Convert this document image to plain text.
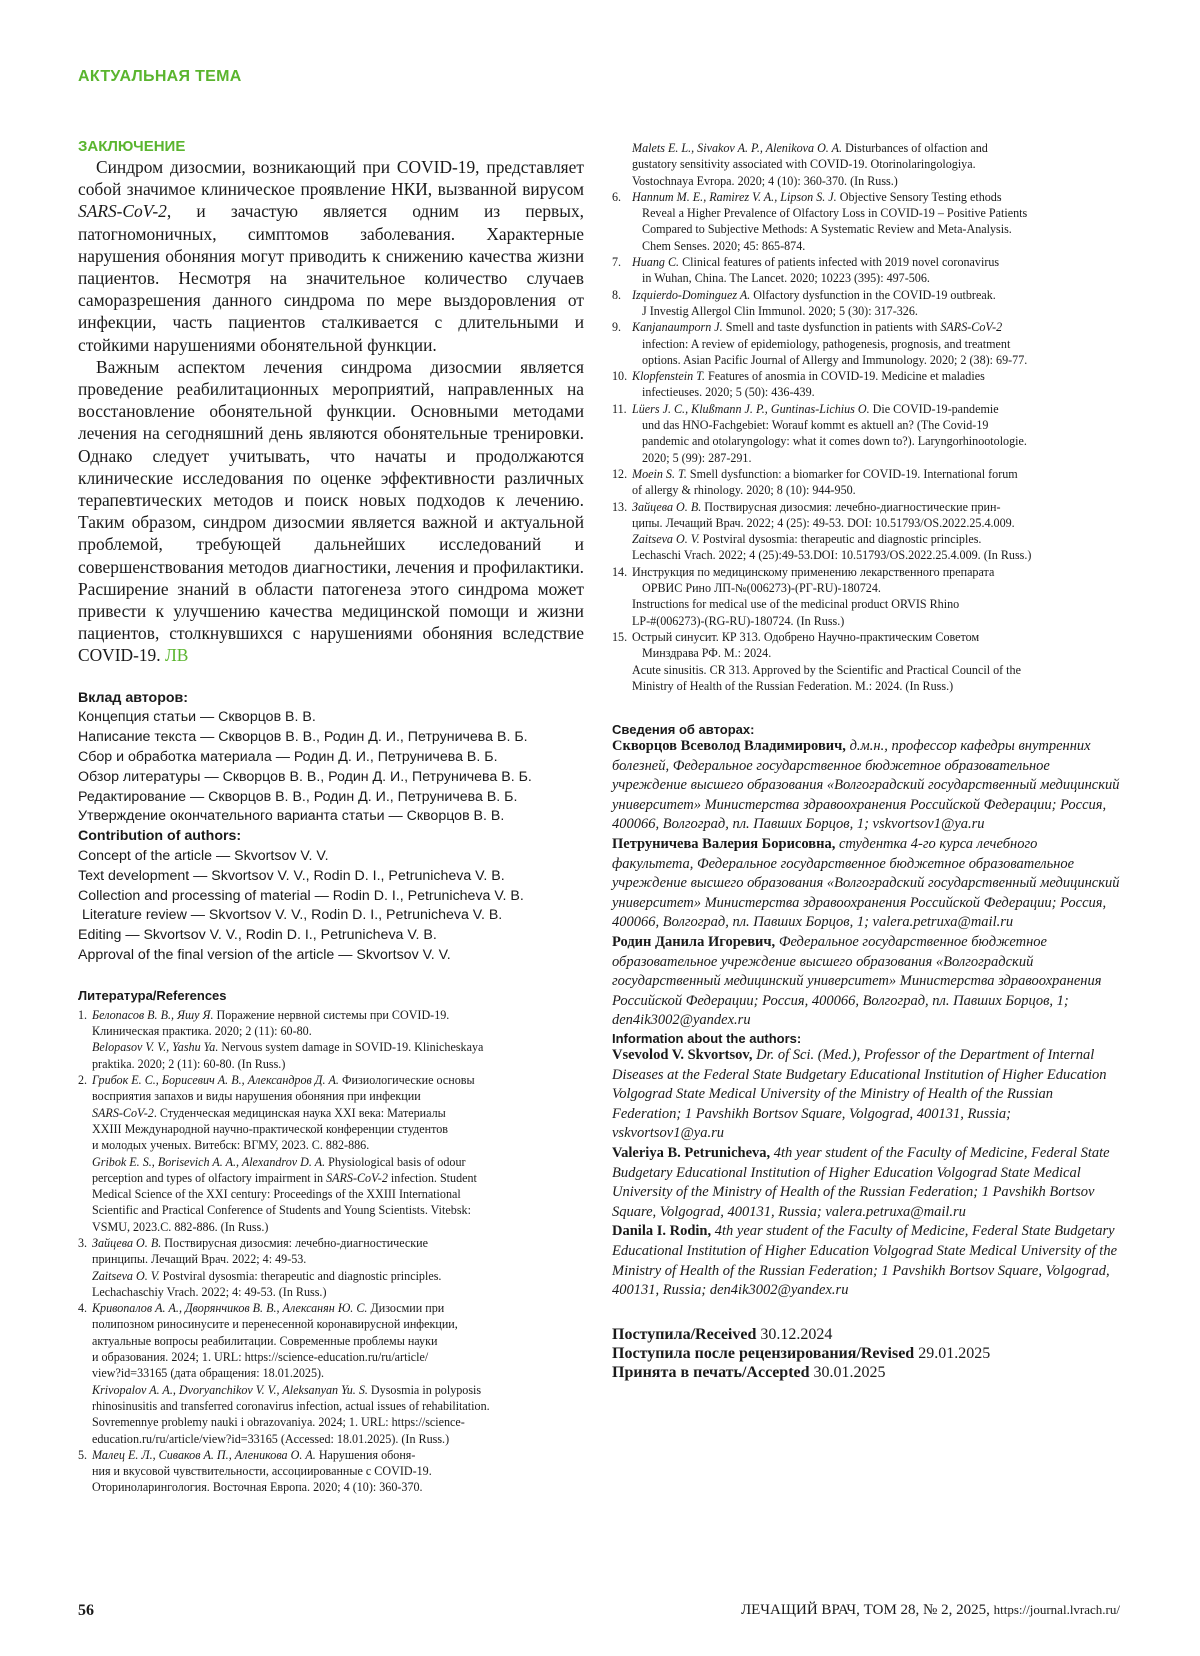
АКТУАЛЬНАЯ ТЕМА
ЗАКЛЮЧЕНИЕ

Синдром дизосмии, возникающий при COVID-19, представляет собой значимое клиническое проявление НКИ, вызванной вирусом SARS-CoV-2, и зачастую является одним из первых, патогномоничных, симптомов заболевания. Характерные нарушения обоняния могут приводить к снижению качества жизни пациентов. Несмотря на значительное количество случаев саморазрешения данного синдрома по мере выздоровления от инфекции, часть пациентов сталкивается с длительными и стойкими нарушениями обонятельной функции.

Важным аспектом лечения синдрома дизосмии является проведение реабилитационных мероприятий, направленных на восстановление обонятельной функции. Основными методами лечения на сегодняшний день являются обонятельные тренировки. Однако следует учитывать, что начаты и продолжаются клинические исследования по оценке эффективности различных терапевтических методов и поиск новых подходов к лечению. Таким образом, синдром дизосмии является важной и актуальной проблемой, требующей дальнейших исследований и совершенствования методов диагностики, лечения и профилактики. Расширение знаний в области патогенеза этого синдрома может привести к улучшению качества медицинской помощи и жизни пациентов, столкнувшихся с нарушениями обоняния вследствие COVID-19. ЛВ

Вклад авторов:
Концепция статьи — Скворцов В. В.
Написание текста — Скворцов В. В., Родин Д. И., Петруничева В. Б.
Сбор и обработка материала — Родин Д. И., Петруничева В. Б.
Обзор литературы — Скворцов В. В., Родин Д. И., Петруничева В. Б.
Редактирование — Скворцов В. В., Родин Д. И., Петруничева В. Б.
Утверждение окончательного варианта статьи — Скворцов В. В.
Contribution of authors:
Concept of the article — Skvortsov V. V.
Text development — Skvortsov V. V., Rodin D. I., Petrunicheva V. B.
Collection and processing of material — Rodin D. I., Petrunicheva V. B.
Literature review — Skvortsov V. V., Rodin D. I., Petrunicheva V. B.
Editing — Skvortsov V. V., Rodin D. I., Petrunicheva V. B.
Approval of the final version of the article — Skvortsov V. V.
Литература/References
1. Белопасов В. В., Яшу Я. Поражение нервной системы при COVID-19.
Клиническая практика. 2020; 2 (11): 60-80.
Belopasov V. V., Yashu Ya. Nervous system damage in SOVID-19. Klinicheskaya
praktika. 2020; 2 (11): 60-80. (In Russ.)
2. Грибок Е. С., Борисевич А. В., Александров Д. А. Физиологические основы
восприятия запахов и виды нарушения обоняния при инфекции
SARS-CoV-2. Студенческая медицинская наука XXI века: Материалы
XXIII Международной научно-практической конференции студентов
и молодых ученых. Витебск: ВГМУ, 2023. С. 882-886.
Gribok E. S., Borisevich A. A., Alexandrov D. A. Physiological basis of odour
perception and types of olfactory impairment in SARS-CoV-2 infection. Student
Medical Science of the XXI century: Proceedings of the XXIII International
Scientific and Practical Conference of Students and Young Scientists. Vitebsk:
VSMU, 2023.С. 882-886. (In Russ.)
3. Зайцева О. В. Поствирусная дизосмия: лечебно-диагностические
принципы. Лечащий Врач. 2022; 4: 49-53.
Zaitseva O. V. Postviral dysosmia: therapeutic and diagnostic principles.
Lechachaschiy Vrach. 2022; 4: 49-53. (In Russ.)
4. Кривопалов А. А., Дворянчиков В. В., Алексанян Ю. С. Дизосмии при
полипозном риносинусите и перенесенной коронавирусной инфекции,
актуальные вопросы реабилитации. Современные проблемы науки
и образования. 2024; 1. URL: https://science-education.ru/ru/article/
view?id=33165 (дата обращения: 18.01.2025).
Krivopalov A. A., Dvoryanchikov V. V., Aleksanyan Yu. S. Dysosmia in polyposis
rhinosinusitis and transferred coronavirus infection, actual issues of rehabilitation.
Sovremennye problemy nauki i obrazovaniya. 2024; 1. URL: https://science-
education.ru/ru/article/view?id=33165 (Accessed: 18.01.2025). (In Russ.)
5. Малец Е. Л., Сиваков А. П., Аленикова О. А. Нарушения обоня-
ния и вкусовой чувствительности, ассоциированные с COVID-19.
Оториноларингология. Восточная Европа. 2020; 4 (10): 360-370.
Malets E. L., Sivakov A. P., Alenikova O. A. Disturbances of olfaction and
gustatory sensitivity associated with COVID-19. Otorinolaringologiya.
Vostochnaya Evropa. 2020; 4 (10): 360-370. (In Russ.)
6. Hannum M. E., Ramirez V. A., Lipson S. J. Objective Sensory Testing ethods
Reveal a Higher Prevalence of Olfactory Loss in COVID-19 – Positive Patients
Compared to Subjective Methods: A Systematic Review and Meta-Analysis.
Chem Senses. 2020; 45: 865-874.
7. Huang C. Clinical features of patients infected with 2019 novel coronavirus
in Wuhan, China. The Lancet. 2020; 10223 (395): 497-506.
8. Izquierdo-Dominguez A. Olfactory dysfunction in the COVID-19 outbreak.
J Investig Allergol Clin Immunol. 2020; 5 (30): 317-326.
9. Kanjanaumporn J. Smell and taste dysfunction in patients with SARS-CoV-2
infection: A review of epidemiology, pathogenesis, prognosis, and treatment
options. Asian Pacific Journal of Allergy and Immunology. 2020; 2 (38): 69-77.
10. Klopfenstein T. Features of anosmia in COVID-19. Medicine et maladies
infectieuses. 2020; 5 (50): 436-439.
11. Lüers J. C., Klußmann J. P., Guntinas-Lichius O. Die COVID-19-pandemie
und das HNO-Fachgebiet: Worauf kommt es aktuell an? (The Covid-19
pandemic and otolaryngology: what it comes down to?). Laryngorhinootologie.
2020; 5 (99): 287-291.
12. Moein S. T. Smell dysfunction: a biomarker for COVID-19. International forum
of allergy & rhinology. 2020; 8 (10): 944-950.
13. Зайцева О. В. Поствирусная дизосмия: лечебно-диагностические прин-
ципы. Лечащий Врач. 2022; 4 (25): 49-53. DOI: 10.51793/OS.2022.25.4.009.
Zaitseva O. V. Postviral dysosmia: therapeutic and diagnostic principles.
Lechaschi Vrach. 2022; 4 (25):49-53.DOI: 10.51793/OS.2022.25.4.009. (In Russ.)
14. Инструкция по медицинскому применению лекарственного препарата
ОРВИС Рино ЛП-№(006273)-(РГ-RU)-180724.
Instructions for medical use of the medicinal product ORVIS Rhino
LP-#(006273)-(RG-RU)-180724. (In Russ.)
15. Острый синусит. КР 313. Одобрено Научно-практическим Советом
Минздрава РФ. М.: 2024.
Acute sinusitis. CR 313. Approved by the Scientific and Practical Council of the
Ministry of Health of the Russian Federation. M.: 2024. (In Russ.)
Сведения об авторах:

Скворцов Всеволод Владимирович, д.м.н., профессор кафедры внутренних болезней, Федеральное государственное бюджетное образовательное учреждение высшего образования «Волгоградский государственный медицинский университет» Министерства здравоохранения Российской Федерации; Россия, 400066, Волгоград, пл. Павших Борцов, 1; vskvortsov1@ya.ru

Петруничева Валерия Борисовна, студентка 4-го курса лечебного факультета, Федеральное государственное бюджетное образовательное учреждение высшего образования «Волгоградский государственный медицинский университет» Министерства здравоохранения Российской Федерации; Россия, 400066, Волгоград, пл. Павших Борцов, 1; valera.petruxa@mail.ru

Родин Данила Игоревич, Федеральное государственное бюджетное образовательное учреждение высшего образования «Волгоградский государственный медицинский университет» Министерства здравоохранения Российской Федерации; Россия, 400066, Волгоград, пл. Павших Борцов, 1; den4ik3002@yandex.ru

Information about the authors:

Vsevolod V. Skvortsov, Dr. of Sci. (Med.), Professor of the Department of Internal Diseases at the Federal State Budgetary Educational Institution of Higher Education Volgograd State Medical University of the Ministry of Health of the Russian Federation; 1 Pavshikh Bortsov Square, Volgograd, 400131, Russia; vskvortsov1@ya.ru

Valeriya B. Petrunicheva, 4th year student of the Faculty of Medicine, Federal State Budgetary Educational Institution of Higher Education Volgograd State Medical University of the Ministry of Health of the Russian Federation; 1 Pavshikh Bortsov Square, Volgograd, 400131, Russia; valera.petruxa@mail.ru

Danila I. Rodin, 4th year student of the Faculty of Medicine, Federal State Budgetary Educational Institution of Higher Education Volgograd State Medical University of the Ministry of Health of the Russian Federation; 1 Pavshikh Bortsov Square, Volgograd, 400131, Russia; den4ik3002@yandex.ru

Поступила/Received 30.12.2024
Поступила после рецензирования/Revised 29.01.2025
Принята в печать/Accepted 30.01.2025
56	ЛЕЧАЩИЙ ВРАЧ, ТОМ 28, № 2, 2025, https://journal.lvrach.ru/
